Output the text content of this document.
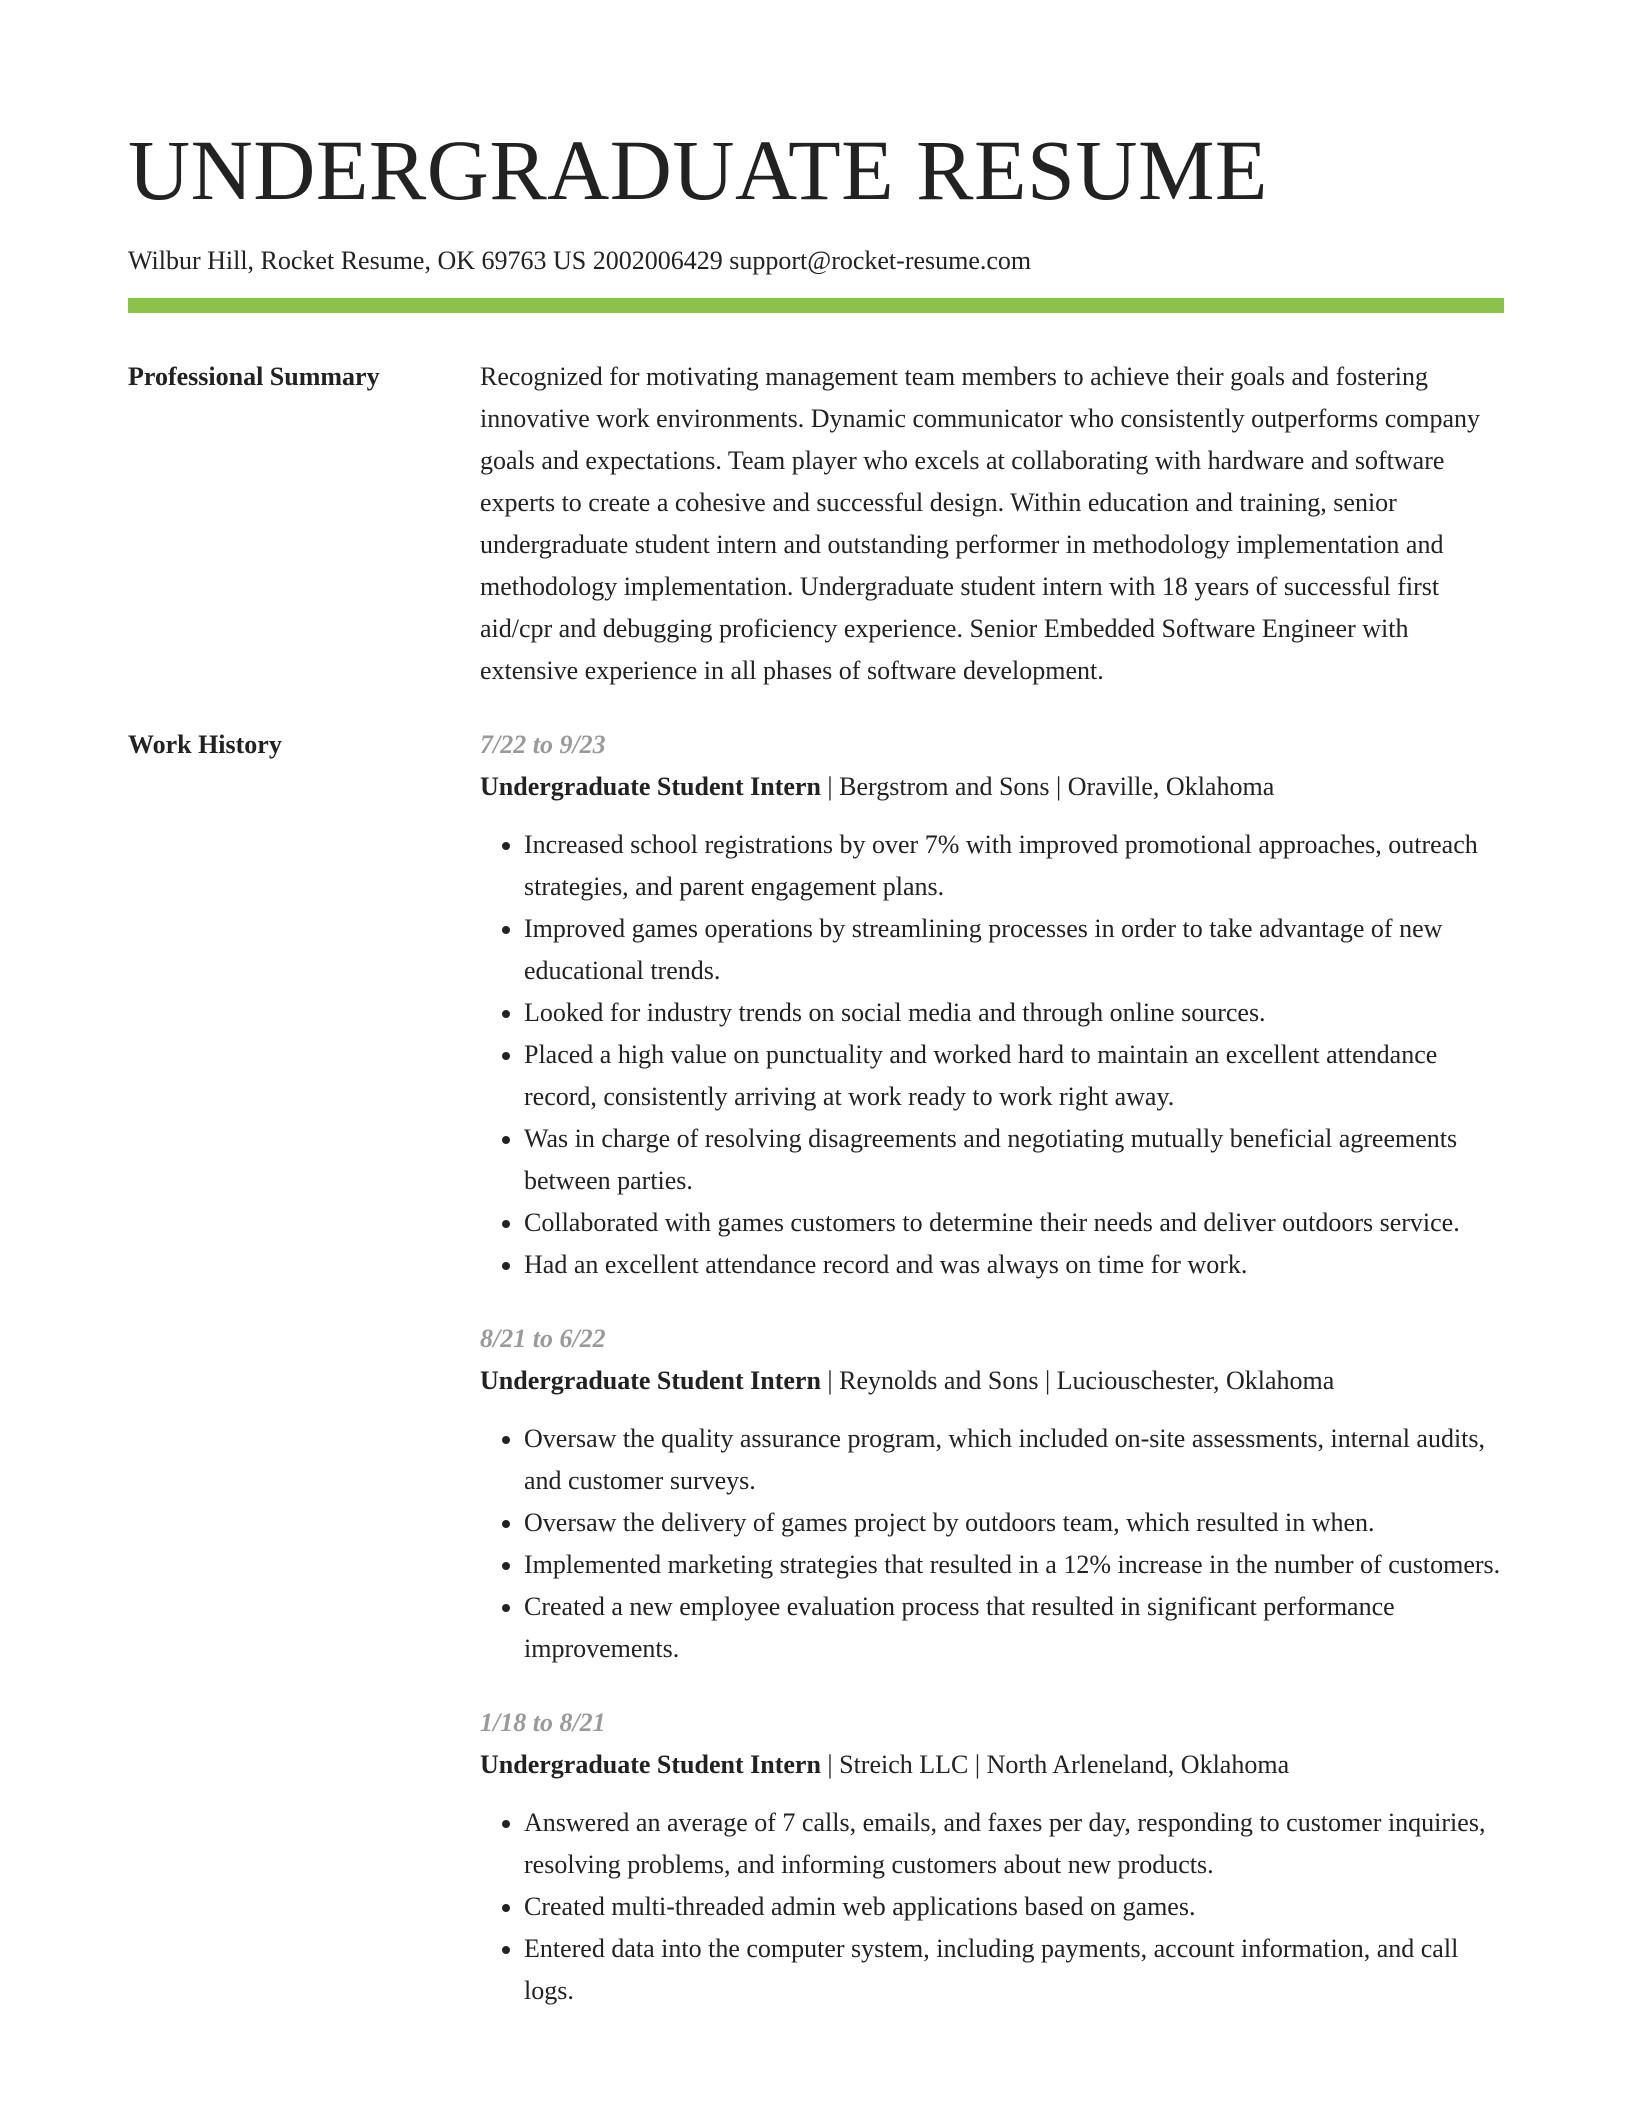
UNDERGRADUATE RESUME
Wilbur Hill, Rocket Resume, OK 69763 US 2002006429 support@rocket-resume.com
Professional Summary	Recognized for motivating management team members to achieve their goals and fostering innovative work environments. Dynamic communicator who consistently outperforms company goals and expectations. Team player who excels at collaborating with hardware and software experts to create a cohesive and successful design. Within education and training, senior undergraduate student intern and outstanding performer in methodology implementation and methodology implementation. Undergraduate student intern with 18 years of successful first aid/cpr and debugging proficiency experience. Senior Embedded Software Engineer with extensive experience in all phases of software development.

Work History	7/22 to 9/23
Undergraduate Student Intern | Bergstrom and Sons | Oraville, Oklahoma
• Increased school registrations by over 7% with improved promotional approaches, outreach strategies, and parent engagement plans.
• Improved games operations by streamlining processes in order to take advantage of new educational trends.
• Looked for industry trends on social media and through online sources.
• Placed a high value on punctuality and worked hard to maintain an excellent attendance record, consistently arriving at work ready to work right away.
• Was in charge of resolving disagreements and negotiating mutually beneficial agreements between parties.
• Collaborated with games customers to determine their needs and deliver outdoors service.
• Had an excellent attendance record and was always on time for work.
8/21 to 6/22
Undergraduate Student Intern | Reynolds and Sons | Luciouschester, Oklahoma
• Oversaw the quality assurance program, which included on-site assessments, internal audits, and customer surveys.
• Oversaw the delivery of games project by outdoors team, which resulted in when.
• Implemented marketing strategies that resulted in a 12% increase in the number of customers.
• Created a new employee evaluation process that resulted in significant performance improvements.
1/18 to 8/21
Undergraduate Student Intern | Streich LLC | North Arleneland, Oklahoma
• Answered an average of 7 calls, emails, and faxes per day, responding to customer inquiries, resolving problems, and informing customers about new products.
• Created multi-threaded admin web applications based on games.
• Entered data into the computer system, including payments, account information, and call logs.
